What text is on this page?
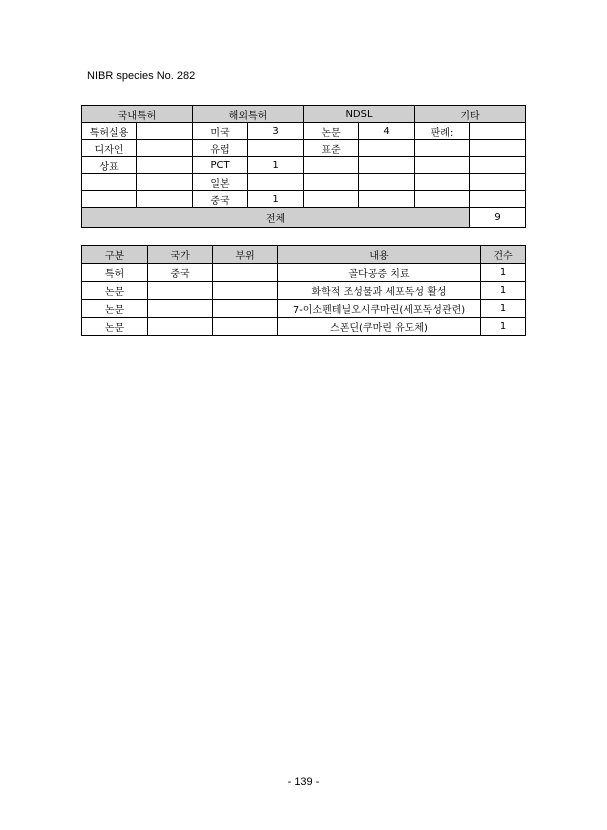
NIBR species No. 282
국내특허		해외특허		NDSL		기타	
특허실용		미국	3	논문	4	판례:	
디자인		유럽		표준			
상표		PCT	1				
		일본					
		중국	1				
전체							9
구분	국가	부위	내용	건수
특허	중국		골다공증 치료	1
논문			화학적 조성물과 세포독성 활성	1
논문			7-이소펜테닐오시쿠마린(세포독성관련)	1
논문			스폰딘(쿠마린 유도체)	1
- 139 -
